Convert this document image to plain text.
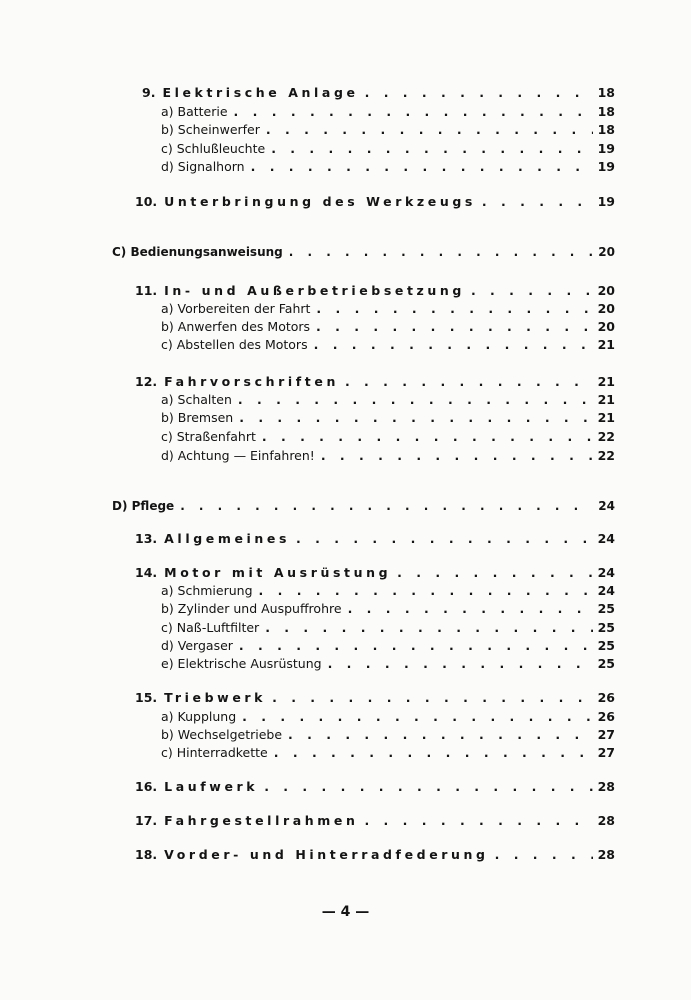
9. Elektrische Anlage . . .	18
a) Batterie . . .	18
b) Scheinwerfer . . .	18
c) Schlußleuchte . . .	19
d) Signalhorn . . .	19
10. Unterbringung des Werkzeugs . . .	19
C) Bedienungsanweisung . . .	20
11. In- und Außerbetriebsetzung . . .	20
a) Vorbereiten der Fahrt . . .	20
b) Anwerfen des Motors . . .	20
c) Abstellen des Motors . . .	21
12. Fahrvorschriften . . .	21
a) Schalten . . .	21
b) Bremsen . . .	21
c) Straßenfahrt . . .	22
d) Achtung — Einfahren! . . .	22
D) Pflege . . .	24
13. Allgemeines . . .	24
14. Motor mit Ausrüstung . . .	24
a) Schmierung . . .	24
b) Zylinder und Auspuffrohre . . .	25
c) Naß-Luftfilter . . .	25
d) Vergaser . . .	25
e) Elektrische Ausrüstung . . .	25
15. Triebwerk . . .	26
a) Kupplung . . .	26
b) Wechselgetriebe . . .	27
c) Hinterradkette . . .	27
16. Laufwerk . . .	28
17. Fahrgestellrahmen . . .	28
18. Vorder- und Hinterradfederung . . .	28
— 4 —
